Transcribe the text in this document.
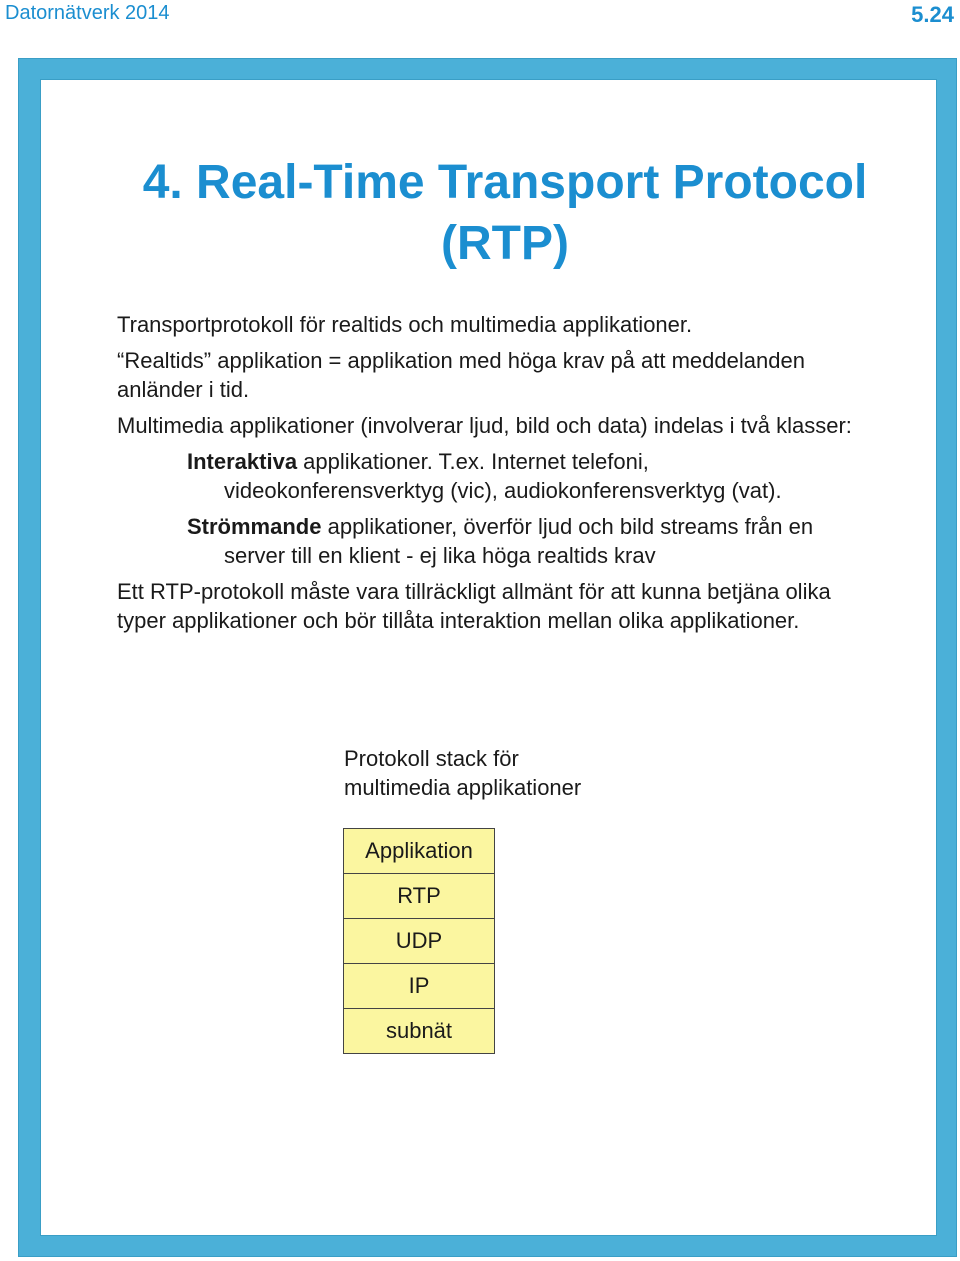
Datornätverk 2014	5.24
4. Real-Time Transport Protocol
(RTP)

Transportprotokoll för realtids och multimedia applikationer.

“Realtids” applikation = applikation med höga krav på att meddelanden anländer i tid.

Multimedia applikationer (involverar ljud, bild och data) indelas i två klasser:

Interaktiva applikationer. T.ex. Internet telefoni, videokonferensverktyg (vic), audiokonferensverktyg (vat).

Strömmande applikationer, överför ljud och bild streams från en server till en klient - ej lika höga realtids krav

Ett RTP-protokoll måste vara tillräckligt allmänt för att kunna betjäna olika typer applikationer och bör tillåta interaktion mellan olika applikationer.

Protokoll stack för
multimedia applikationer
Applikation
RTP
UDP
IP
subnät
